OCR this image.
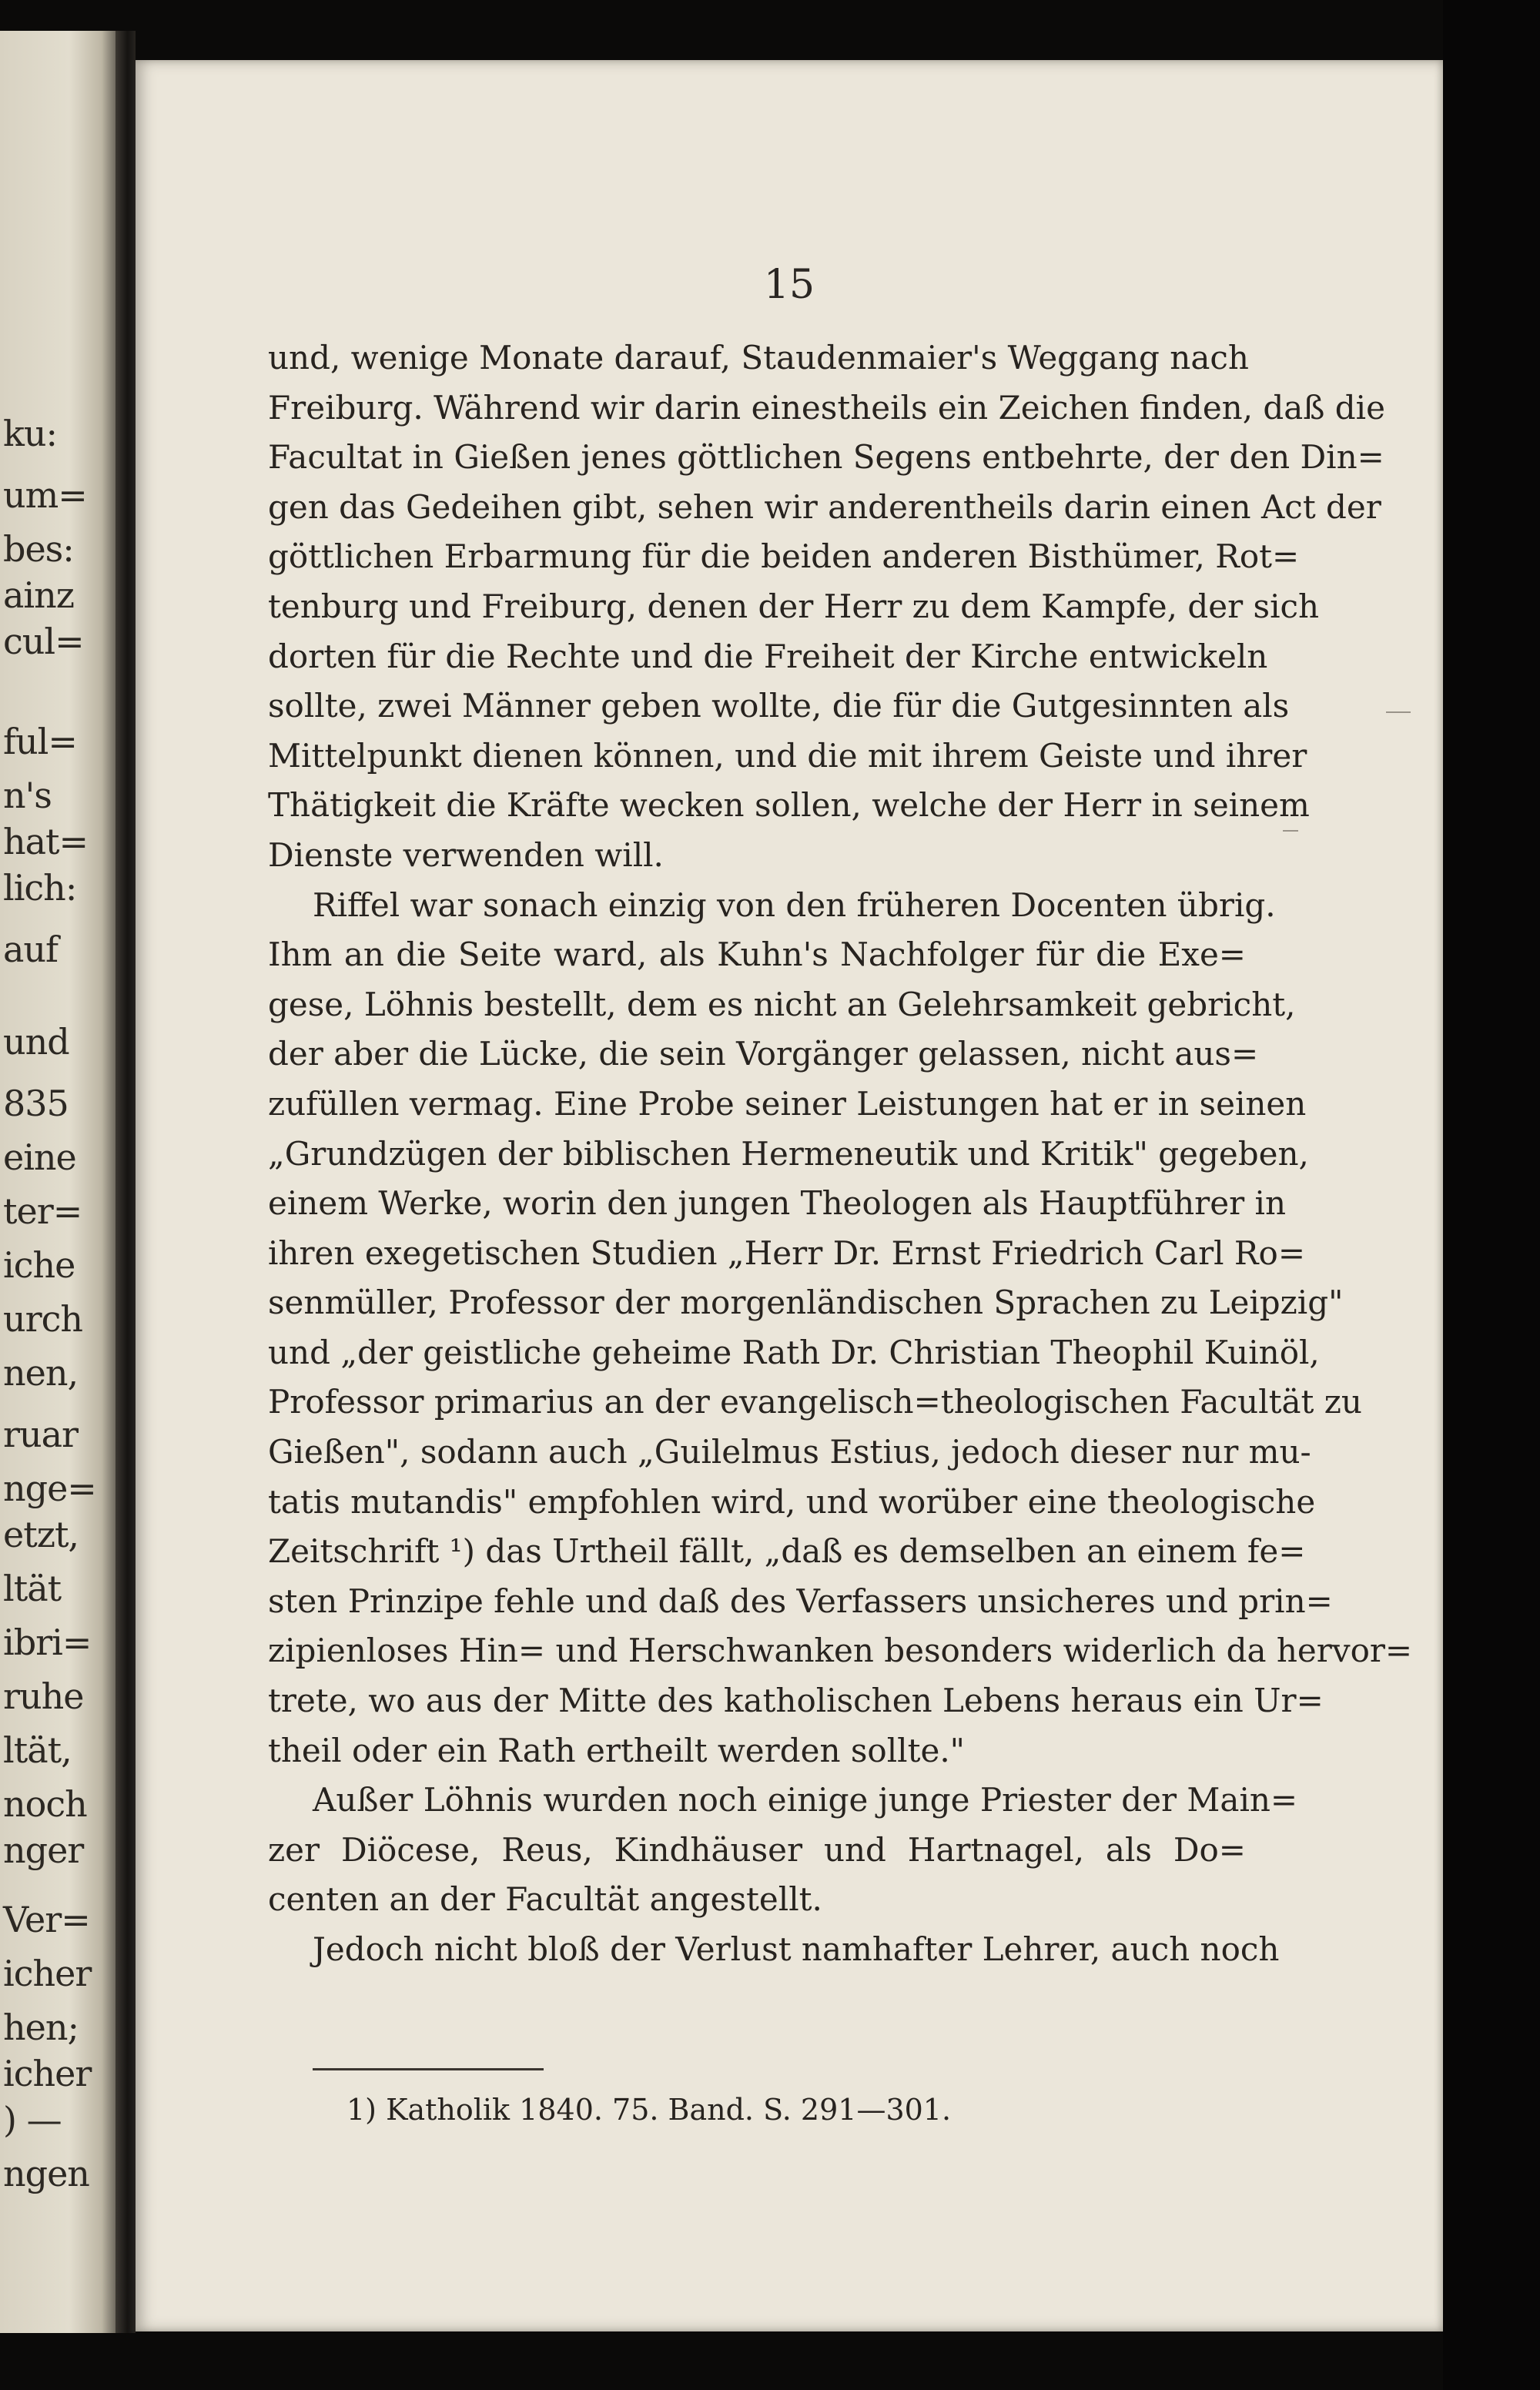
ku:
um=
bes:
ainz
cul=
ful=
n's
hat=
lich:
auf
und
835
eine
ter=
iche
urch
nen,
ruar
nge=
etzt,
ltät
ibri=
ruhe
ltät,
noch
nger
Ver=
icher
hen;
icher
) —
ngen
15
und, wenige Monate darauf, Staudenmaier's Weggang nach
Freiburg. Während wir darin einestheils ein Zeichen finden, daß die
Facultat in Gießen jenes göttlichen Segens entbehrte, der den Din=
gen das Gedeihen gibt, sehen wir anderentheils darin einen Act der
göttlichen Erbarmung für die beiden anderen Bisthümer, Rot=
tenburg und Freiburg, denen der Herr zu dem Kampfe, der sich
dorten für die Rechte und die Freiheit der Kirche entwickeln
sollte, zwei Männer geben wollte, die für die Gutgesinnten als
Mittelpunkt dienen können, und die mit ihrem Geiste und ihrer
Thätigkeit die Kräfte wecken sollen, welche der Herr in seinem
Dienste verwenden will.
Riffel war sonach einzig von den früheren Docenten übrig.
Ihm an die Seite ward, als Kuhn's Nachfolger für die Exe=
gese, Löhnis bestellt, dem es nicht an Gelehrsamkeit gebricht,
der aber die Lücke, die sein Vorgänger gelassen, nicht aus=
zufüllen vermag. Eine Probe seiner Leistungen hat er in seinen
„Grundzügen der biblischen Hermeneutik und Kritik" gegeben,
einem Werke, worin den jungen Theologen als Hauptführer in
ihren exegetischen Studien „Herr Dr. Ernst Friedrich Carl Ro=
senmüller, Professor der morgenländischen Sprachen zu Leipzig"
und „der geistliche geheime Rath Dr. Christian Theophil Kuinöl,
Professor primarius an der evangelisch=theologischen Facultät zu
Gießen", sodann auch „Guilelmus Estius, jedoch dieser nur mu-
tatis mutandis" empfohlen wird, und worüber eine theologische
Zeitschrift ¹) das Urtheil fällt, „daß es demselben an einem fe=
sten Prinzipe fehle und daß des Verfassers unsicheres und prin=
zipienloses Hin= und Herschwanken besonders widerlich da hervor=
trete, wo aus der Mitte des katholischen Lebens heraus ein Ur=
theil oder ein Rath ertheilt werden sollte."
Außer Löhnis wurden noch einige junge Priester der Main=
zer Diöcese, Reus, Kindhäuser und Hartnagel, als Do=
centen an der Facultät angestellt.
Jedoch nicht bloß der Verlust namhafter Lehrer, auch noch
1) Katholik 1840. 75. Band. S. 291—301.
